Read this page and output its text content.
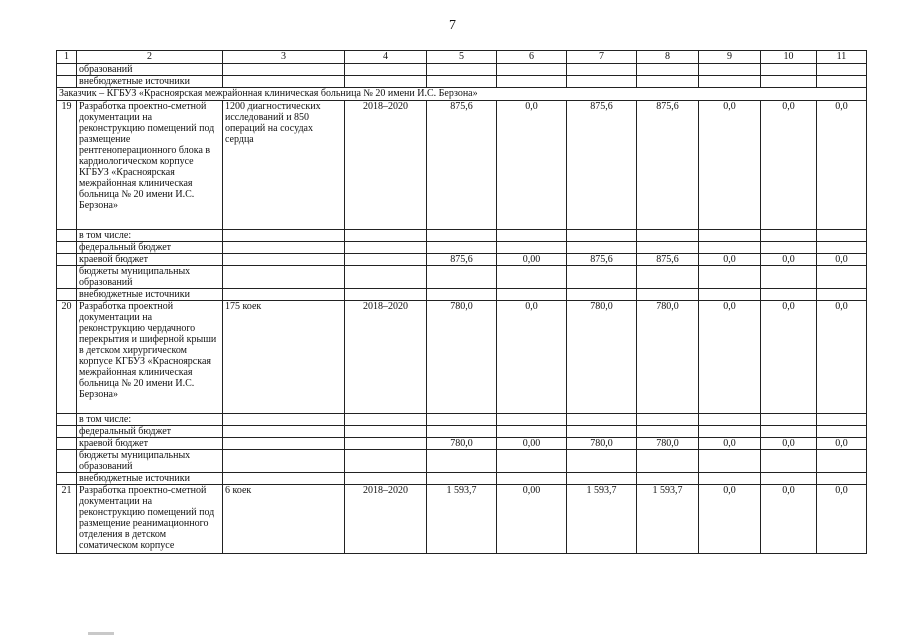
7
1	2	3	4	5	6	7	8	9	10	11
	образований									
	внебюджетные источники									
Заказчик – КГБУЗ «Красноярская межрайонная клиническая больница № 20 имени И.С. Берзона»										
19	Разработка проектно-сметной документации на реконструкцию помещений под размещение рентгеноперационного блока в кардиологическом корпусе КГБУЗ «Красноярская межрайонная клиническая больница № 20 имени И.С. Берзона»	1200 диагностических исследований и 850 операций на сосудах сердца	2018–2020	875,6	0,0	875,6	875,6	0,0	0,0	0,0
	в том числе:									
	федеральный бюджет									
	краевой бюджет			875,6	0,00	875,6	875,6	0,0	0,0	0,0
	бюджеты муниципальных образований									
	внебюджетные источники									
20	Разработка проектной документации на реконструкцию чердачного перекрытия и шиферной крыши в детском хирургическом корпусе КГБУЗ «Красноярская межрайонная клиническая больница № 20 имени И.С. Берзона»	175 коек	2018–2020	780,0	0,0	780,0	780,0	0,0	0,0	0,0
	в том числе:									
	федеральный бюджет									
	краевой бюджет			780,0	0,00	780,0	780,0	0,0	0,0	0,0
	бюджеты муниципальных образований									
	внебюджетные источники									
21	Разработка проектно-сметной документации на реконструкцию помещений под размещение реанимационного отделения в детском соматическом корпусе	6 коек	2018–2020	1 593,7	0,00	1 593,7	1 593,7	0,0	0,0	0,0
